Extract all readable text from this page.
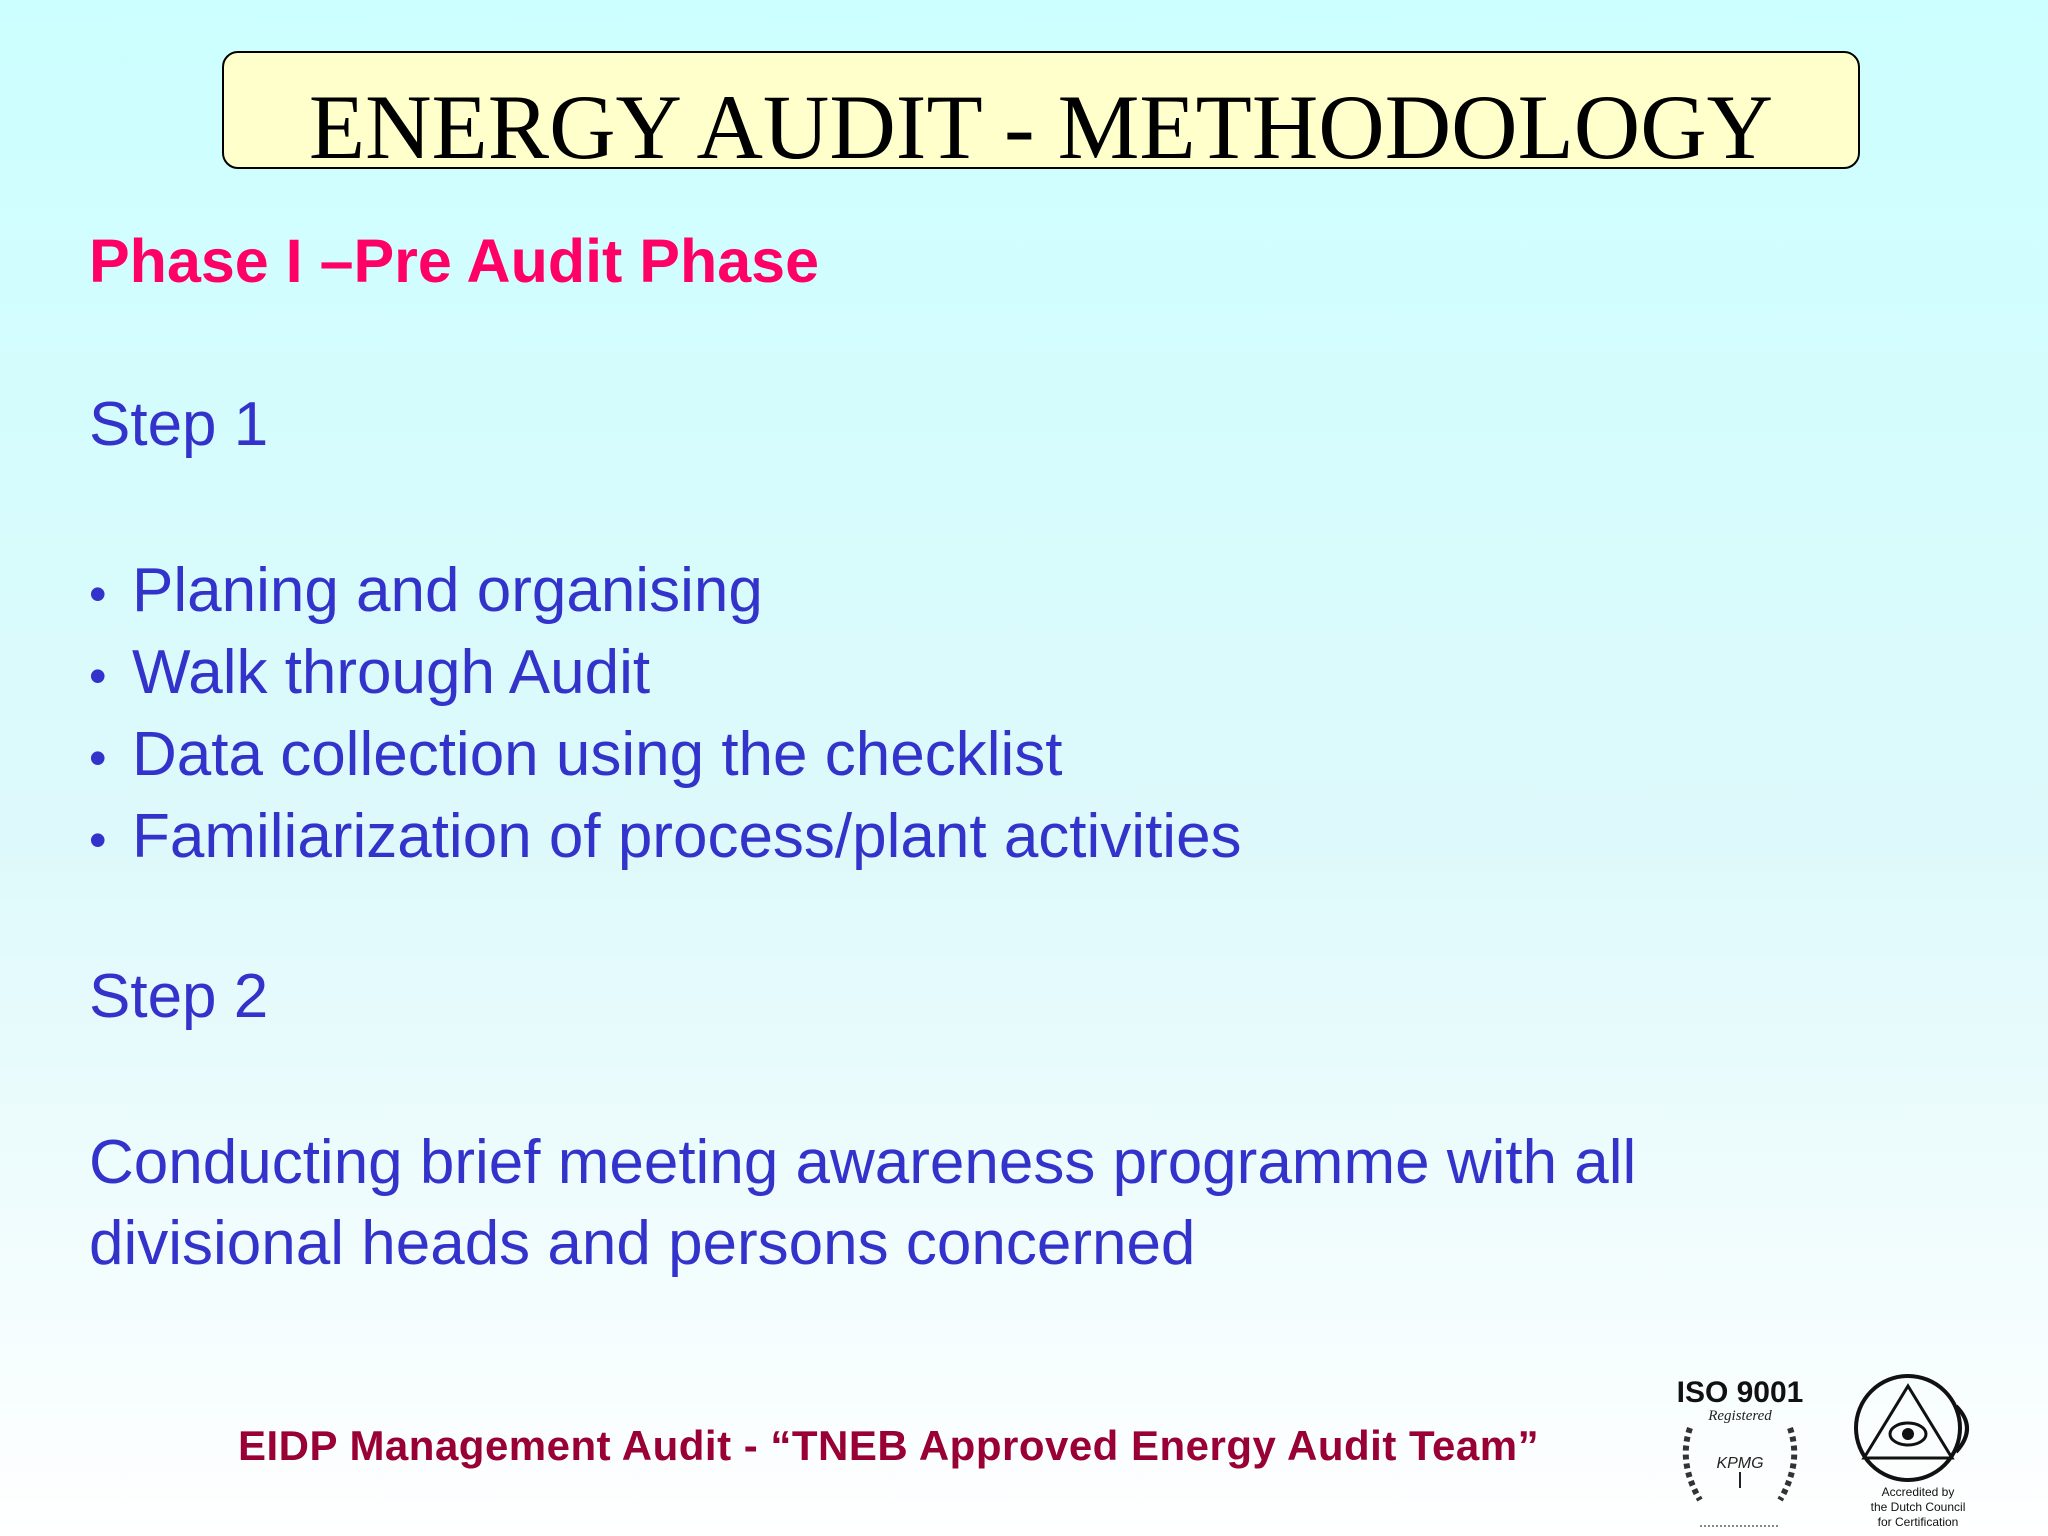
ENERGY AUDIT - METHODOLOGY
Phase I –Pre Audit Phase
Step 1
• Planing and organising
• Walk through Audit
• Data collection using the checklist
• Familiarization of process/plant activities
Step 2
Conducting brief meeting awareness programme with all
divisional heads and persons concerned
EIDP Management Audit - “TNEB Approved Energy Audit Team”
ISO 9001
Registered
KPMG
Accredited by
the Dutch Council
for Certification
